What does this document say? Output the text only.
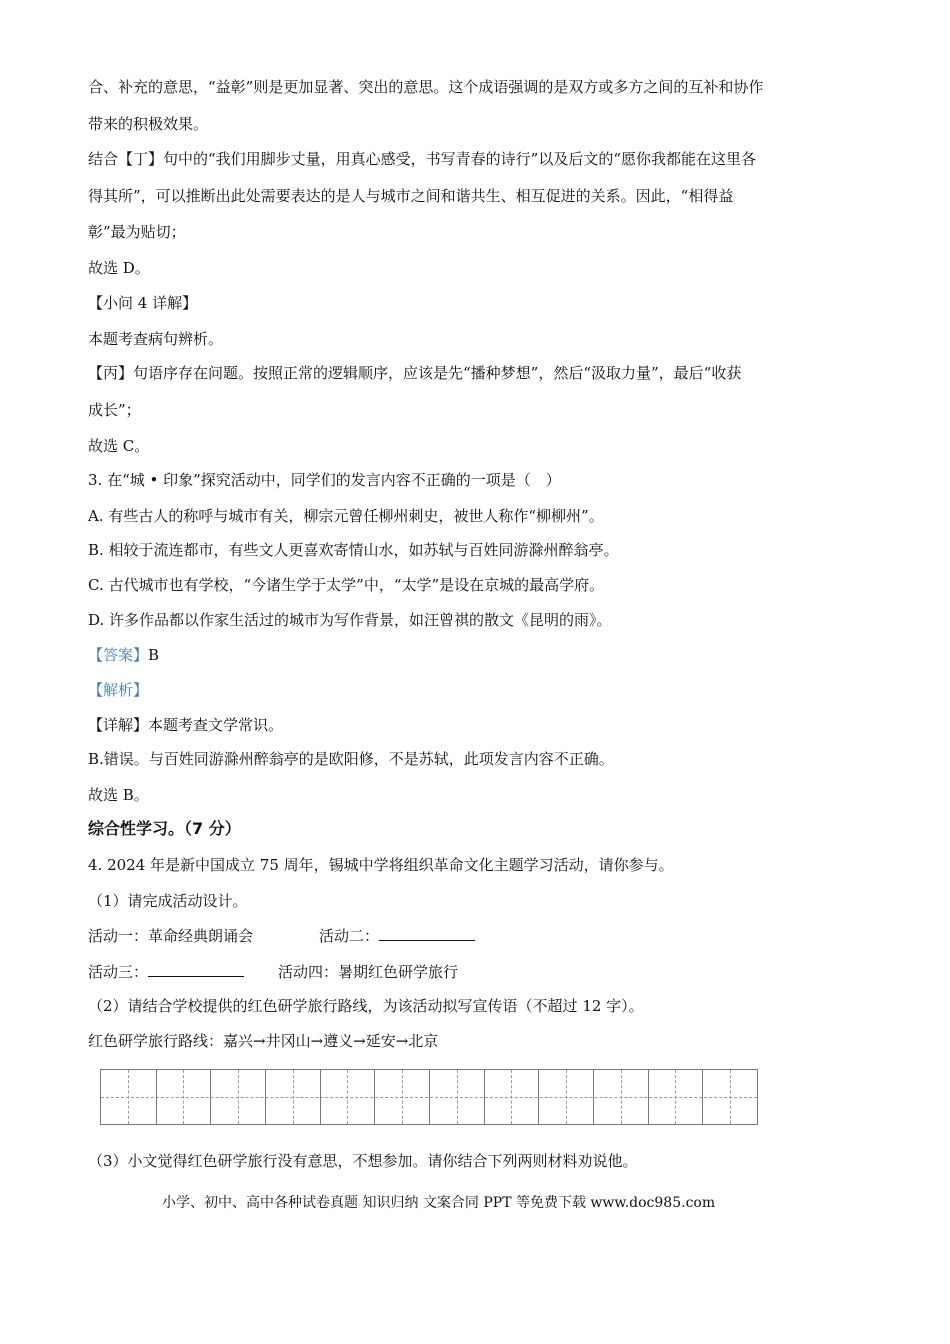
合、补充的意思，“益彰”则是更加显著、突出的意思。这个成语强调的是双方或多方之间的互补和协作
带来的积极效果。
结合【丁】句中的“我们用脚步丈量，用真心感受，书写青春的诗行”以及后文的“愿你我都能在这里各
得其所”，可以推断出此处需要表达的是人与城市之间和谐共生、相互促进的关系。因此，“相得益
彰”最为贴切；
故选 D。
【小问 4 详解】
本题考查病句辨析。
【丙】句语序存在问题。按照正常的逻辑顺序，应该是先“播种梦想”，然后“汲取力量”，最后“收获
成长”；
故选 C。
3. 在“城 • 印象”探究活动中，同学们的发言内容不正确的一项是（　）
A. 有些古人的称呼与城市有关，柳宗元曾任柳州刺史，被世人称作“柳柳州”。
B. 相较于流连都市，有些文人更喜欢寄情山水，如苏轼与百姓同游滁州醉翁亭。
C. 古代城市也有学校，“今诸生学于太学”中，“太学”是设在京城的最高学府。
D. 许多作品都以作家生活过的城市为写作背景，如汪曾祺的散文《昆明的雨》。
【答案】B
【解析】
【详解】本题考查文学常识。
B.错误。与百姓同游滁州醉翁亭的是欧阳修，不是苏轼，此项发言内容不正确。
故选 B。
综合性学习。（7 分）
4. 2024 年是新中国成立 75 周年，锡城中学将组织革命文化主题学习活动，请你参与。
（1）请完成活动设计。
活动一：革命经典朗诵会	活动二：
活动三：	活动四：暑期红色研学旅行
（2）请结合学校提供的红色研学旅行路线，为该活动拟写宣传语（不超过 12 字）。
红色研学旅行路线：嘉兴→井冈山→遵义→延安→北京
（3）小文觉得红色研学旅行没有意思，不想参加。请你结合下列两则材料劝说他。
小学、初中、高中各种试卷真题 知识归纳 文案合同 PPT 等免费下载 www.doc985.com
